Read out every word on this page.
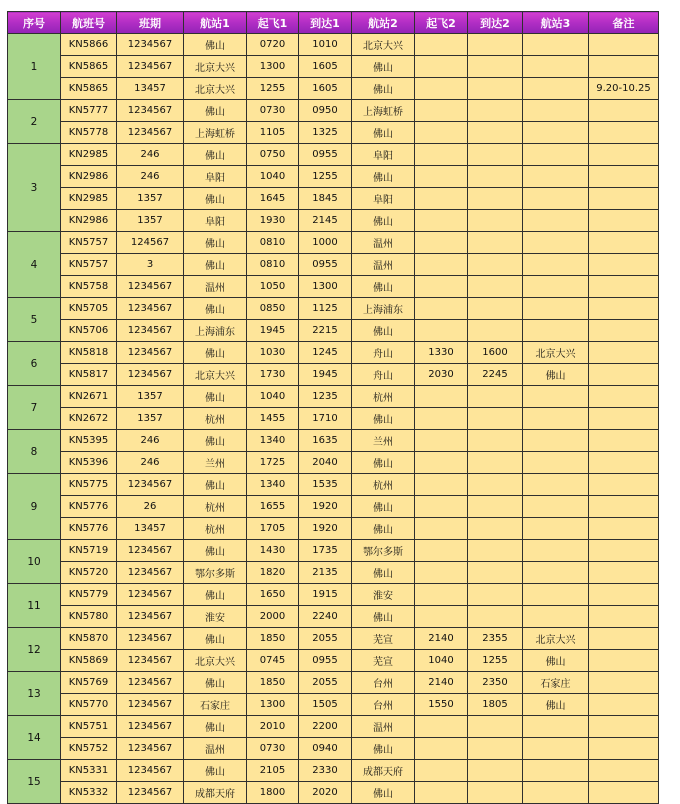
序号	航班号	班期	航站1	起飞1	到达1	航站2	起飞2	到达2	航站3	备注
1	KN5866	1234567	佛山	0720	1010	北京大兴				
	KN5865	1234567	北京大兴	1300	1605	佛山				
	KN5865	13457	北京大兴	1255	1605	佛山				9.20-10.25
2	KN5777	1234567	佛山	0730	0950	上海虹桥				
	KN5778	1234567	上海虹桥	1105	1325	佛山				
3	KN2985	246	佛山	0750	0955	阜阳				
	KN2986	246	阜阳	1040	1255	佛山				
	KN2985	1357	佛山	1645	1845	阜阳				
	KN2986	1357	阜阳	1930	2145	佛山				
4	KN5757	124567	佛山	0810	1000	温州				
	KN5757	3	佛山	0810	0955	温州				
	KN5758	1234567	温州	1050	1300	佛山				
5	KN5705	1234567	佛山	0850	1125	上海浦东				
	KN5706	1234567	上海浦东	1945	2215	佛山				
6	KN5818	1234567	佛山	1030	1245	舟山	1330	1600	北京大兴	
	KN5817	1234567	北京大兴	1730	1945	舟山	2030	2245	佛山	
7	KN2671	1357	佛山	1040	1235	杭州				
	KN2672	1357	杭州	1455	1710	佛山				
8	KN5395	246	佛山	1340	1635	兰州				
	KN5396	246	兰州	1725	2040	佛山				
9	KN5775	1234567	佛山	1340	1535	杭州				
	KN5776	26	杭州	1655	1920	佛山				
	KN5776	13457	杭州	1705	1920	佛山				
10	KN5719	1234567	佛山	1430	1735	鄂尔多斯				
	KN5720	1234567	鄂尔多斯	1820	2135	佛山				
11	KN5779	1234567	佛山	1650	1915	淮安				
	KN5780	1234567	淮安	2000	2240	佛山				
12	KN5870	1234567	佛山	1850	2055	芜宣	2140	2355	北京大兴	
	KN5869	1234567	北京大兴	0745	0955	芜宣	1040	1255	佛山	
13	KN5769	1234567	佛山	1850	2055	台州	2140	2350	石家庄	
	KN5770	1234567	石家庄	1300	1505	台州	1550	1805	佛山	
14	KN5751	1234567	佛山	2010	2200	温州				
	KN5752	1234567	温州	0730	0940	佛山				
15	KN5331	1234567	佛山	2105	2330	成都天府				
	KN5332	1234567	成都天府	1800	2020	佛山				
